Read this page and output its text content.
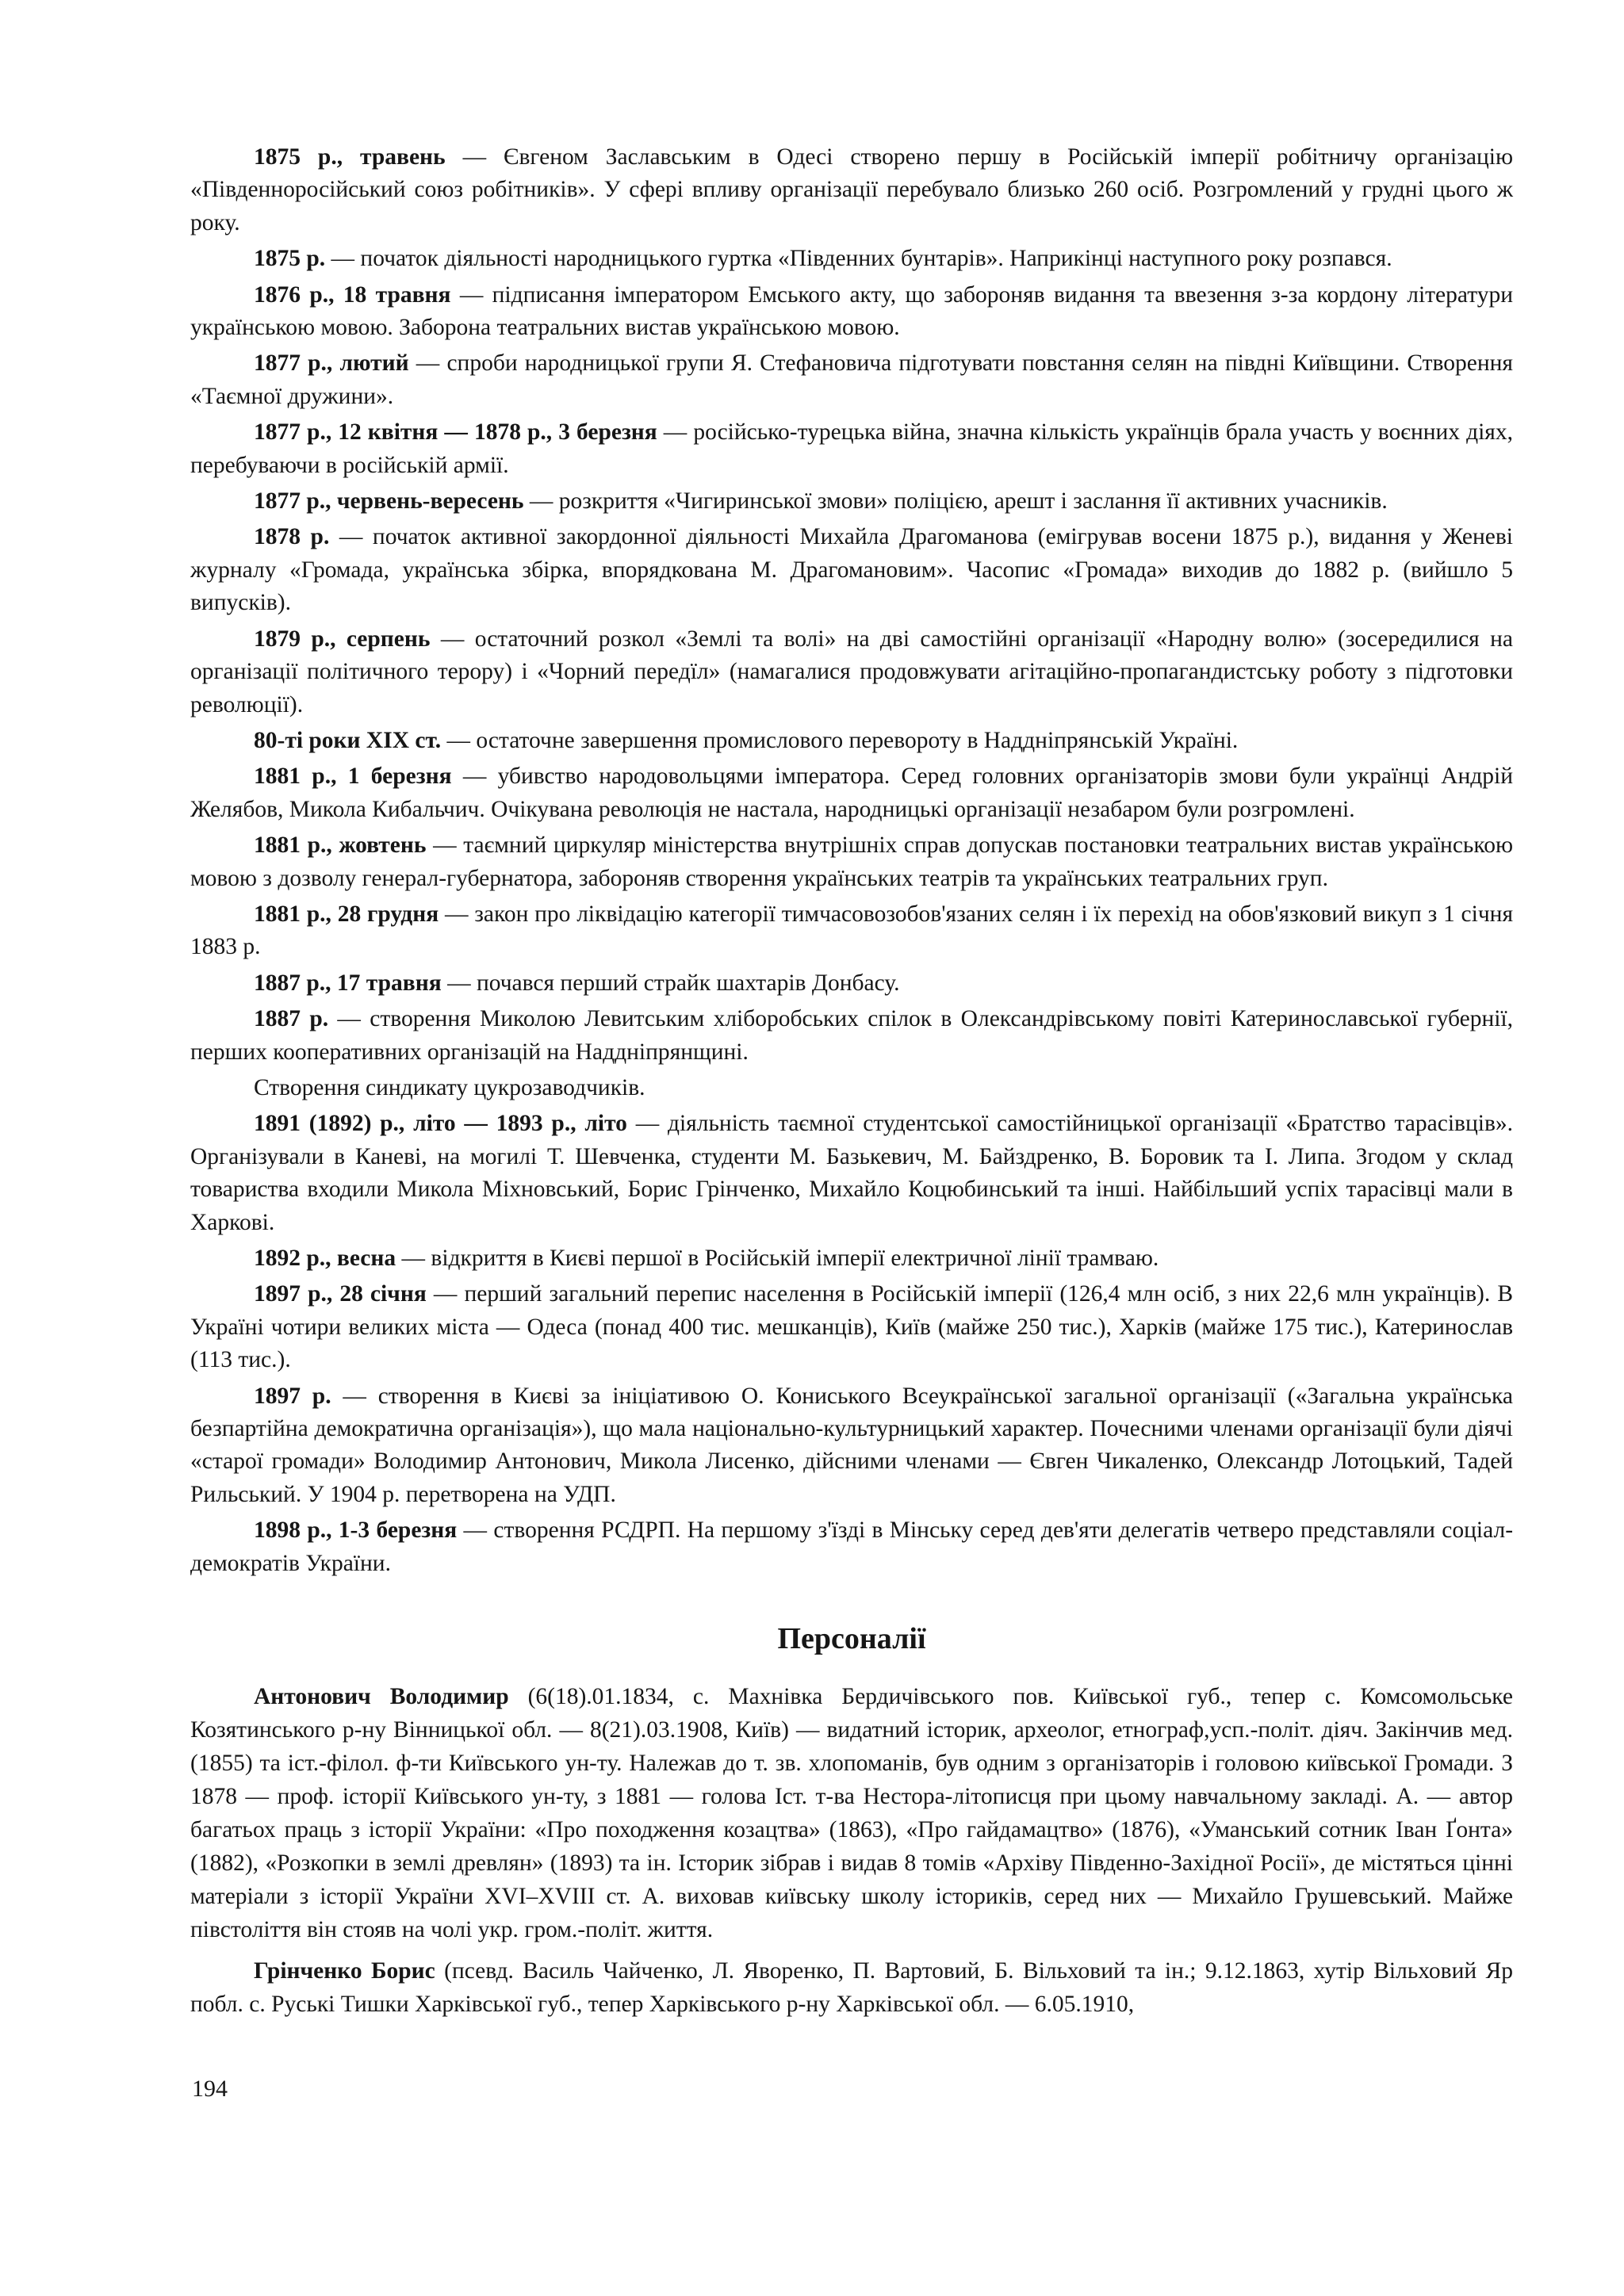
1875 р., травень — Євгеном Заславським в Одесі створено першу в Російській імперії робітничу організацію «Південноросійський союз робітників». У сфері впливу організації перебувало близько 260 осіб. Розгромлений у грудні цього ж року.

1875 р. — початок діяльності народницького гуртка «Південних бунтарів». Наприкінці наступного року розпався.

1876 р., 18 травня — підписання імператором Емського акту, що забороняв видання та ввезення з-за кордону літератури українською мовою. Заборона театральних вистав українською мовою.

1877 р., лютий — спроби народницької групи Я. Стефановича підготувати повстання селян на півдні Київщини. Створення «Таємної дружини».

1877 р., 12 квітня — 1878 р., 3 березня — російсько-турецька війна, значна кількість українців брала участь у воєнних діях, перебуваючи в російській армії.

1877 р., червень-вересень — розкриття «Чигиринської змови» поліцією, арешт і заслання її активних учасників.

1878 р. — початок активної закордонної діяльності Михайла Драгоманова (емігрував восени 1875 р.), видання у Женеві журналу «Громада, українська збірка, впорядкована М. Драгомановим». Часопис «Громада» виходив до 1882 р. (вийшло 5 випусків).

1879 р., серпень — остаточний розкол «Землі та волі» на дві самостійні організації «Народну волю» (зосередилися на організації політичного терору) і «Чорний передїл» (намагалися продовжувати агітаційно-пропагандистську роботу з підготовки революції).

80-ті роки XIX ст. — остаточне завершення промислового перевороту в Наддніпрянській Україні.

1881 р., 1 березня — убивство народовольцями імператора. Серед головних організаторів змови були українці Андрій Желябов, Микола Кибальчич. Очікувана революція не настала, народницькі організації незабаром були розгромлені.

1881 р., жовтень — таємний циркуляр міністерства внутрішніх справ допускав постановки театральних вистав українською мовою з дозволу генерал-губернатора, забороняв створення українських театрів та українських театральних груп.

1881 р., 28 грудня — закон про ліквідацію категорії тимчасовозобов'язаних селян і їх перехід на обов'язковий викуп з 1 січня 1883 р.

1887 р., 17 травня — почався перший страйк шахтарів Донбасу.

1887 р. — створення Миколою Левитським хліборобських спілок в Олександрівському повіті Катеринославської губернії, перших кооперативних організацій на Наддніпрянщині.

Створення синдикату цукрозаводчиків.

1891 (1892) р., літо — 1893 р., літо — діяльність таємної студентської самостійницької організації «Братство тарасівців». Організували в Каневі, на могилі Т. Шевченка, студенти М. Базькевич, М. Байздренко, В. Боровик та І. Липа. Згодом у склад товариства входили Микола Міхновський, Борис Грінченко, Михайло Коцюбинський та інші. Найбільший успіх тарасівці мали в Харкові.

1892 р., весна — відкриття в Києві першої в Російській імперії електричної лінії трамваю.

1897 р., 28 січня — перший загальний перепис населення в Російській імперії (126,4 млн осіб, з них 22,6 млн українців). В Україні чотири великих міста — Одеса (понад 400 тис. мешканців), Київ (майже 250 тис.), Харків (майже 175 тис.), Катеринослав (113 тис.).

1897 р. — створення в Києві за ініціативою О. Кониського Всеукраїнської загальної організації («Загальна українська безпартійна демократична організація»), що мала національно-культурницький характер. Почесними членами організації були діячі «старої громади» Володимир Антонович, Микола Лисенко, дійсними членами — Євген Чикаленко, Олександр Лотоцький, Тадей Рильський. У 1904 р. перетворена на УДП.

1898 р., 1-3 березня — створення РСДРП. На першому з'їзді в Мінську серед дев'яти делегатів четверо представляли соціал-демократів України.

Персоналії

Антонович Володимир (6(18).01.1834, с. Махнівка Бердичівського пов. Київської губ., тепер с. Комсомольське Козятинського р-ну Вінницької обл. — 8(21).03.1908, Київ) — видатний історик, археолог, етнограф,усп.-політ. діяч. Закінчив мед. (1855) та іст.-філол. ф-ти Київського ун-ту. Належав до т. зв. хлопоманів, був одним з організаторів і головою київської Громади. З 1878 — проф. історії Київського ун-ту, з 1881 — голова Іст. т-ва Нестора-літописця при цьому навчальному закладі. А. — автор багатьох праць з історії України: «Про походження козацтва» (1863), «Про гайдамацтво» (1876), «Уманський сотник Іван Ґонта» (1882), «Розкопки в землі древлян» (1893) та ін. Історик зібрав і видав 8 томів «Архіву Південно-Західної Росії», де містяться цінні матеріали з історії України XVI–XVIII ст. А. виховав київську школу істориків, серед них — Михайло Грушевський. Майже півстоліття він стояв на чолі укр. гром.-політ. життя.

Грінченко Борис (псевд. Василь Чайченко, Л. Яворенко, П. Вартовий, Б. Вільховий та ін.; 9.12.1863, хутір Вільховий Яр побл. с. Руські Тишки Харківської губ., тепер Харківського р-ну Харківської обл. — 6.05.1910,

194
